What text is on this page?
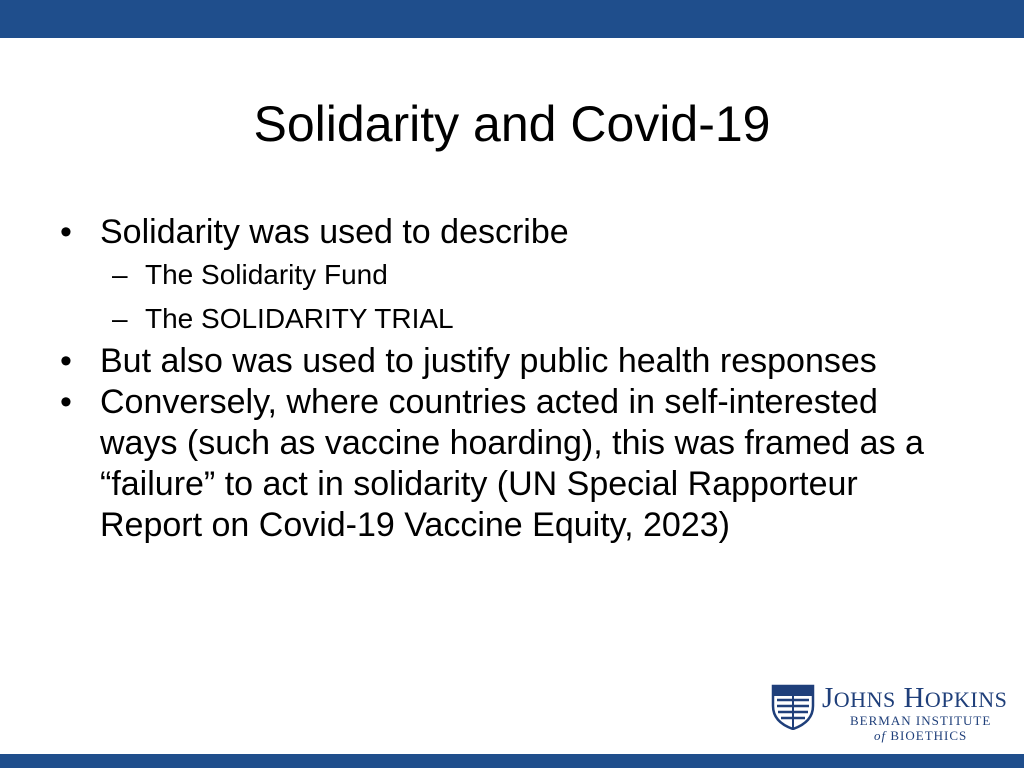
Solidarity and Covid-19
• Solidarity was used to describe
– The Solidarity Fund
– The SOLIDARITY TRIAL
• But also was used to justify public health responses
• Conversely, where countries acted in self-interested ways (such as vaccine hoarding), this was framed as a “failure” to act in solidarity (UN Special Rapporteur Report on Covid-19 Vaccine Equity, 2023)
JOHNS HOPKINS
BERMAN INSTITUTE
of BIOETHICS
